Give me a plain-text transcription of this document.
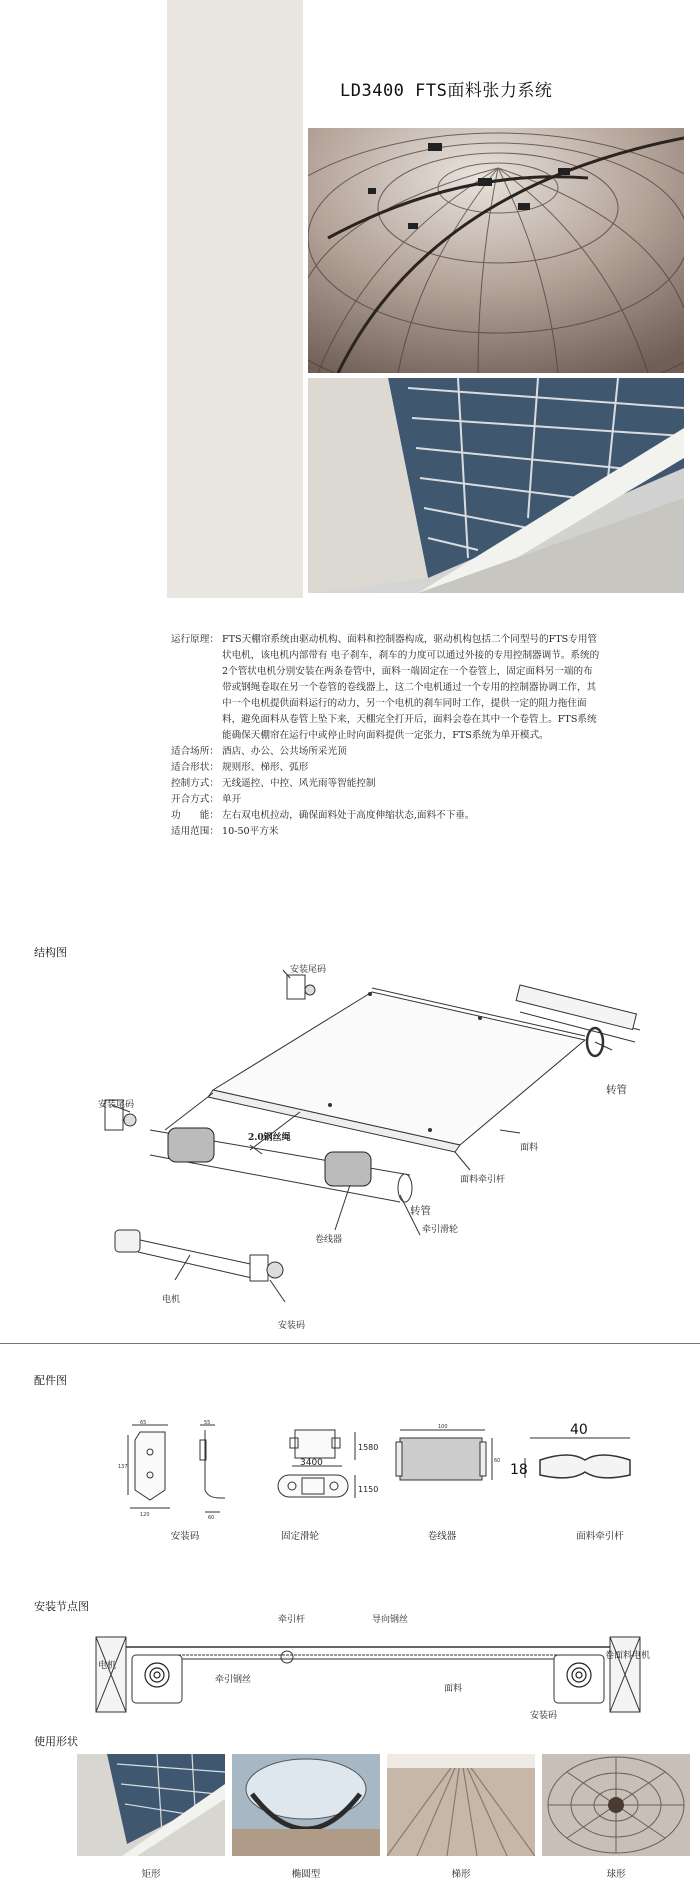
LD3400 FTS面料张力系统
运行原理： FTS天棚帘系统由驱动机构、面料和控制器构成，驱动机构包括二个同型号的FTS专用管状电机，该电机内部带有 电子刹车，刹车的力度可以通过外接的专用控制器调节。系统的2个管状电机分别安装在两条卷管中，面料一端固定在一个卷管上，固定面料另一端的布带或钢绳卷取在另一个卷管的卷线器上，这二个电机通过一个专用的控制器协调工作，其中一个电机提供面料运行的动力，另一个电机的刹车同时工作，提供一定的阻力拖住面料，避免面料从卷管上坠下来，天棚完全打开后，面料会卷在其中一个卷管上。FTS系统能确保天棚帘在运行中或停止时向面料提供一定张力，FTS系统为单开模式。
适合场所： 酒店、办公、公共场所采光顶
适合形状： 规则形、梯形、弧形
控制方式： 无线遥控、中控、风光雨等智能控制
开合方式： 单开
功　　能： 左右双电机拉动，确保面料处于高度伸缩状态,面料不下垂。
适用范围： 10-50平方米
结构图
安装尾码
安装尾码
2.0钢丝绳
转管
面料
面料牵引杆
转管
卷线器
牵引滑轮
电机
安装码
配件图
65
137
120
55
60
100
60
3400
1580
1150
40
18
安装码	固定滑轮	卷线器	面料牵引杆
安装节点图
牵引杆	导向钢丝
电机
牵引钢丝
面料
卷面料电机
安装码
使用形状
矩形	椭圆型	梯形	球形
